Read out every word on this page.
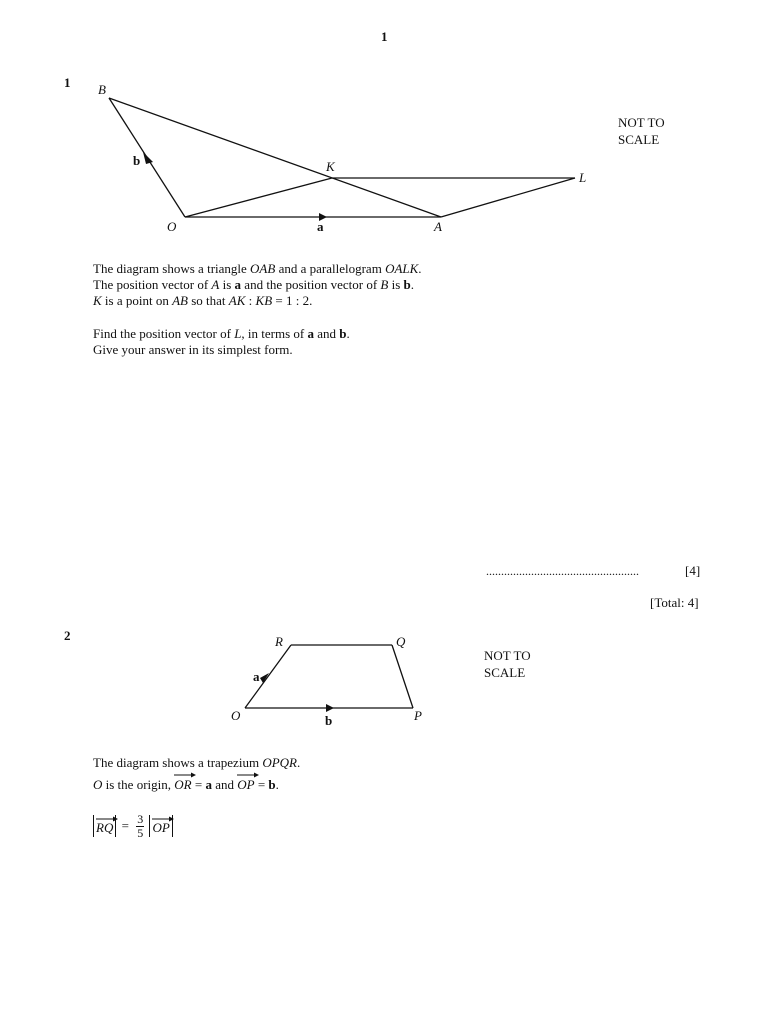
1
1
NOT TO
SCALE
B
K
L
O	A
b
a
The diagram shows a triangle OAB and a parallelogram OALK.
The position vector of A is a and the position vector of B is b.
K is a point on AB so that AK : KB = 1 : 2.
Find the position vector of L, in terms of a and b.
Give your answer in its simplest form.
...................................................	[4]
[Total: 4]
2
NOT TO
SCALE
R	Q
O	P
a
b
The diagram shows a trapezium OPQR.
O is the origin,
OR = a and
OP = b.
RQ = $\frac{3}{5}$
OP
